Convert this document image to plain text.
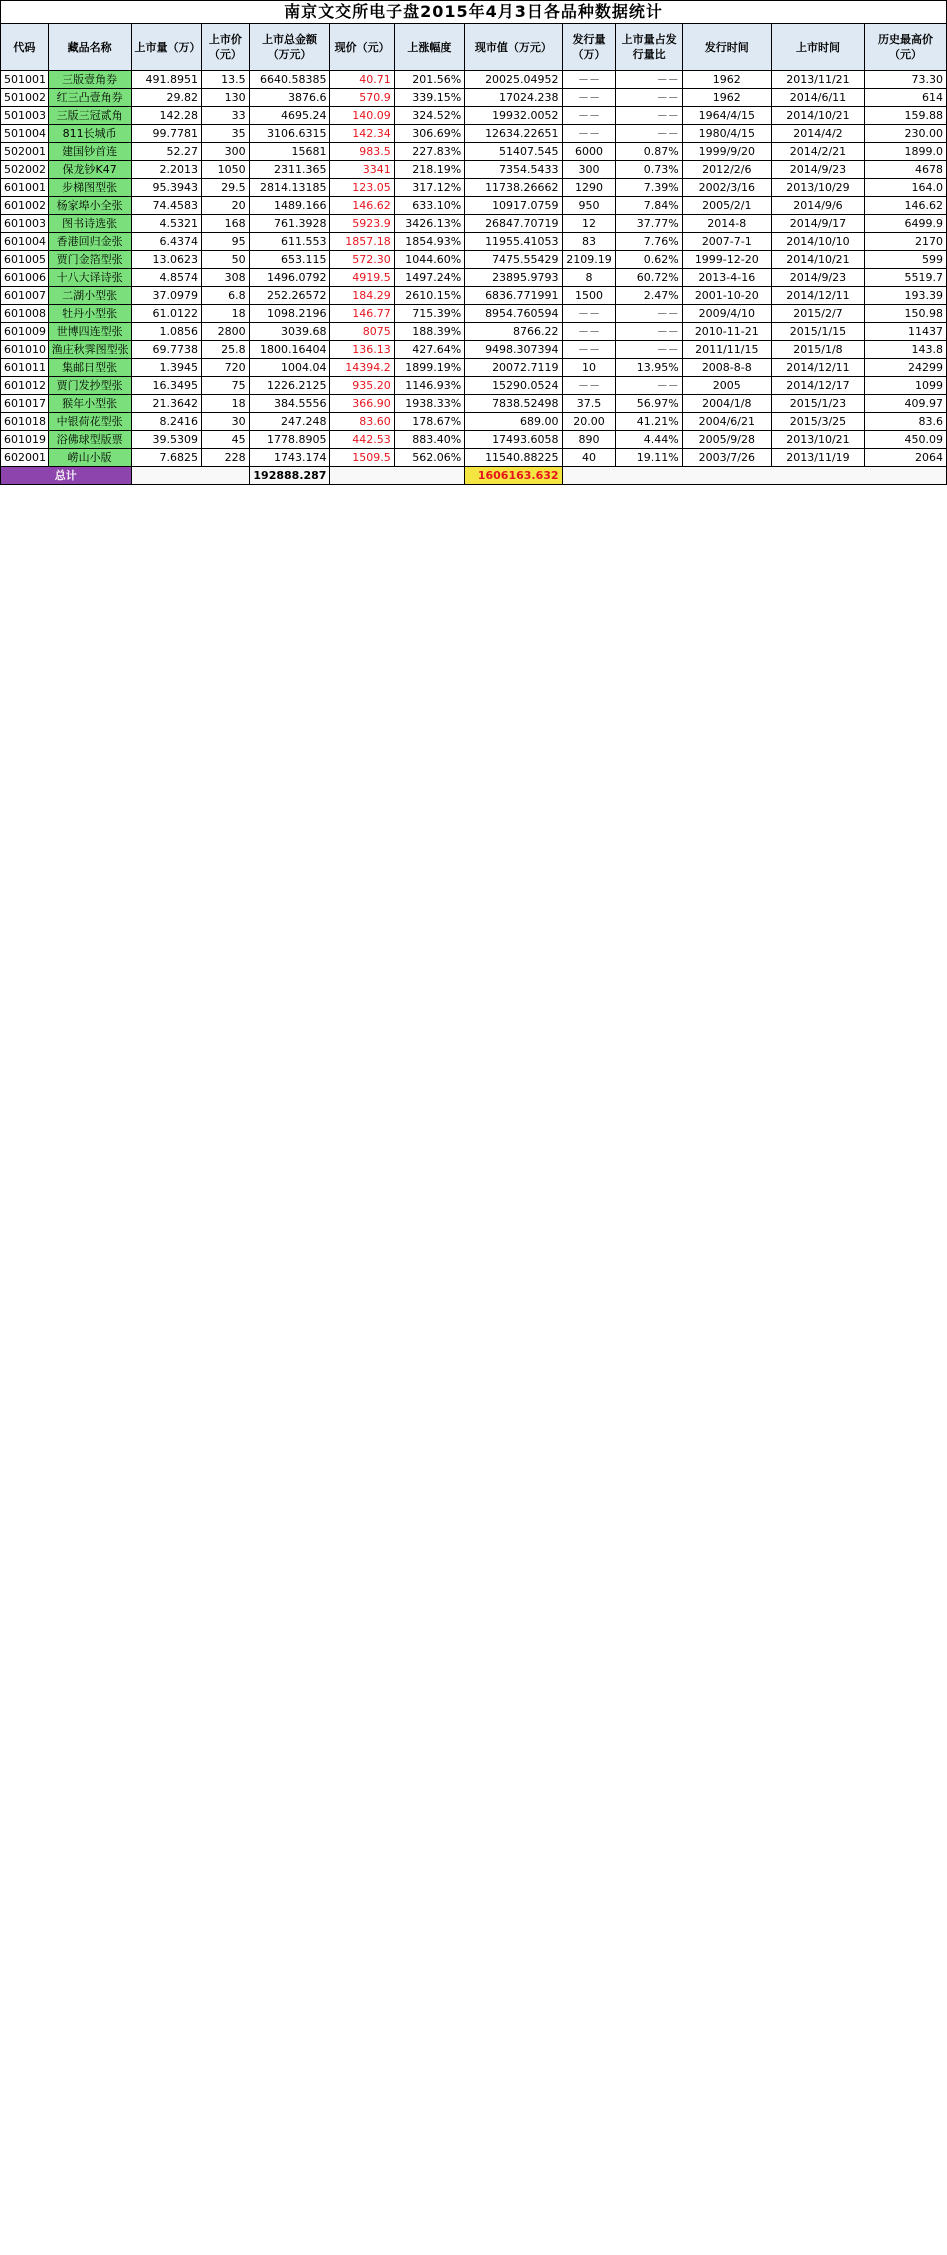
南京文交所电子盘2015年4月3日各品种数据统计
代码	藏品名称	上市量（万）	上市价（元）	上市总金额（万元）	现价（元）	上涨幅度	现市值（万元）	发行量（万）	上市量占发行量比	发行时间	上市时间	历史最高价（元）
501001	三版壹角券	491.8951	13.5	6640.58385	40.71	201.56%	20025.04952	－－	－－	1962	2013/11/21	73.30
501002	红三凸壹角券	29.82	130	3876.6	570.9	339.15%	17024.238	－－	－－	1962	2014/6/11	614
501003	三版三冠贰角	142.28	33	4695.24	140.09	324.52%	19932.0052	－－	－－	1964/4/15	2014/10/21	159.88
501004	811长城币	99.7781	35	3106.6315	142.34	306.69%	12634.22651	－－	－－	1980/4/15	2014/4/2	230.00
502001	建国钞首连	52.27	300	15681	983.5	227.83%	51407.545	6000	0.87%	1999/9/20	2014/2/21	1899.0
502002	保龙钞K47	2.2013	1050	2311.365	3341	218.19%	7354.5433	300	0.73%	2012/2/6	2014/9/23	4678
601001	步梯图型张	95.3943	29.5	2814.13185	123.05	317.12%	11738.26662	1290	7.39%	2002/3/16	2013/10/29	164.0
601002	杨家埠小全张	74.4583	20	1489.166	146.62	633.10%	10917.0759	950	7.84%	2005/2/1	2014/9/6	146.62
601003	图书诗选张	4.5321	168	761.3928	5923.9	3426.13%	26847.70719	12	37.77%	2014-8	2014/9/17	6499.9
601004	香港回归金张	6.4374	95	611.553	1857.18	1854.93%	11955.41053	83	7.76%	2007-7-1	2014/10/10	2170
601005	贾门金箔型张	13.0623	50	653.115	572.30	1044.60%	7475.55429	2109.19	0.62%	1999-12-20	2014/10/21	599
601006	十八大译诗张	4.8574	308	1496.0792	4919.5	1497.24%	23895.9793	8	60.72%	2013-4-16	2014/9/23	5519.7
601007	二湖小型张	37.0979	6.8	252.26572	184.29	2610.15%	6836.771991	1500	2.47%	2001-10-20	2014/12/11	193.39
601008	牡丹小型张	61.0122	18	1098.2196	146.77	715.39%	8954.760594	－－	－－	2009/4/10	2015/2/7	150.98
601009	世博四连型张	1.0856	2800	3039.68	8075	188.39%	8766.22	－－	－－	2010-11-21	2015/1/15	11437
601010	渔庄秋霁图型张	69.7738	25.8	1800.16404	136.13	427.64%	9498.307394	－－	－－	2011/11/15	2015/1/8	143.8
601011	集邮日型张	1.3945	720	1004.04	14394.2	1899.19%	20072.7119	10	13.95%	2008-8-8	2014/12/11	24299
601012	贾门发抄型张	16.3495	75	1226.2125	935.20	1146.93%	15290.0524	－－	－－	2005	2014/12/17	1099
601017	猴年小型张	21.3642	18	384.5556	366.90	1938.33%	7838.52498	37.5	56.97%	2004/1/8	2015/1/23	409.97
601018	中银荷花型张	8.2416	30	247.248	83.60	178.67%	689.00	20.00	41.21%	2004/6/21	2015/3/25	83.6
601019	浴佛球型版票	39.5309	45	1778.8905	442.53	883.40%	17493.6058	890	4.44%	2005/9/28	2013/10/21	450.09
602001	崂山小版	7.6825	228	1743.174	1509.5	562.06%	11540.88225	40	19.11%	2003/7/26	2013/11/19	2064
总计				192888.287			1606163.632					
